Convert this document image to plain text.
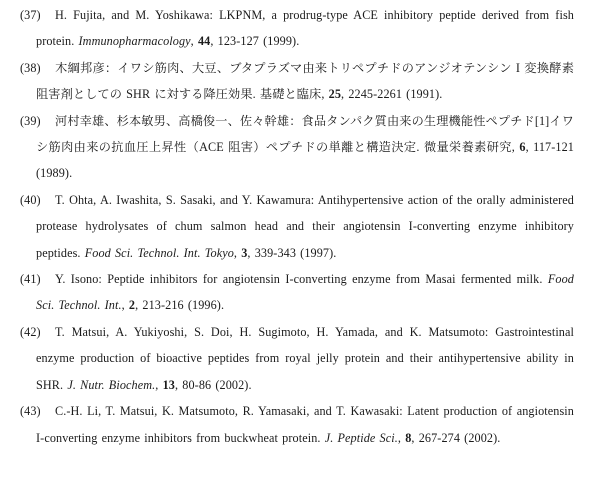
(37) H. Fujita, and M. Yoshikawa: LKPNM, a prodrug-type ACE inhibitory peptide derived from fish protein. Immunopharmacology, 44, 123-127 (1999).

(38) 木綱邦彦：イワシ筋肉、大豆、ブタプラズマ由来トリペプチドのアンジオテンシン I 変換酵素阻害剤としての SHR に対する降圧効果. 基礎と臨床, 25, 2245-2261 (1991).

(39) 河村幸雄、杉本敏男、高橋俊一、佐々幹雄：食品タンパク質由来の生理機能性ペプチド[1]イワシ筋肉由来の抗血圧上昇性（ACE 阻害）ペプチドの単離と構造決定. 微量栄養素研究, 6, 117-121 (1989).

(40) T. Ohta, A. Iwashita, S. Sasaki, and Y. Kawamura: Antihypertensive action of the orally administered protease hydrolysates of chum salmon head and their angiotensin I-converting enzyme inhibitory peptides. Food Sci. Technol. Int. Tokyo, 3, 339-343 (1997).

(41) Y. Isono: Peptide inhibitors for angiotensin I-converting enzyme from Masai fermented milk. Food Sci. Technol. Int., 2, 213-216 (1996).

(42) T. Matsui, A. Yukiyoshi, S. Doi, H. Sugimoto, H. Yamada, and K. Matsumoto: Gastrointestinal enzyme production of bioactive peptides from royal jelly protein and their antihypertensive ability in SHR. J. Nutr. Biochem., 13, 80-86 (2002).

(43) C.-H. Li, T. Matsui, K. Matsumoto, R. Yamasaki, and T. Kawasaki: Latent production of angiotensin I-converting enzyme inhibitors from buckwheat protein. J. Peptide Sci., 8, 267-274 (2002).
